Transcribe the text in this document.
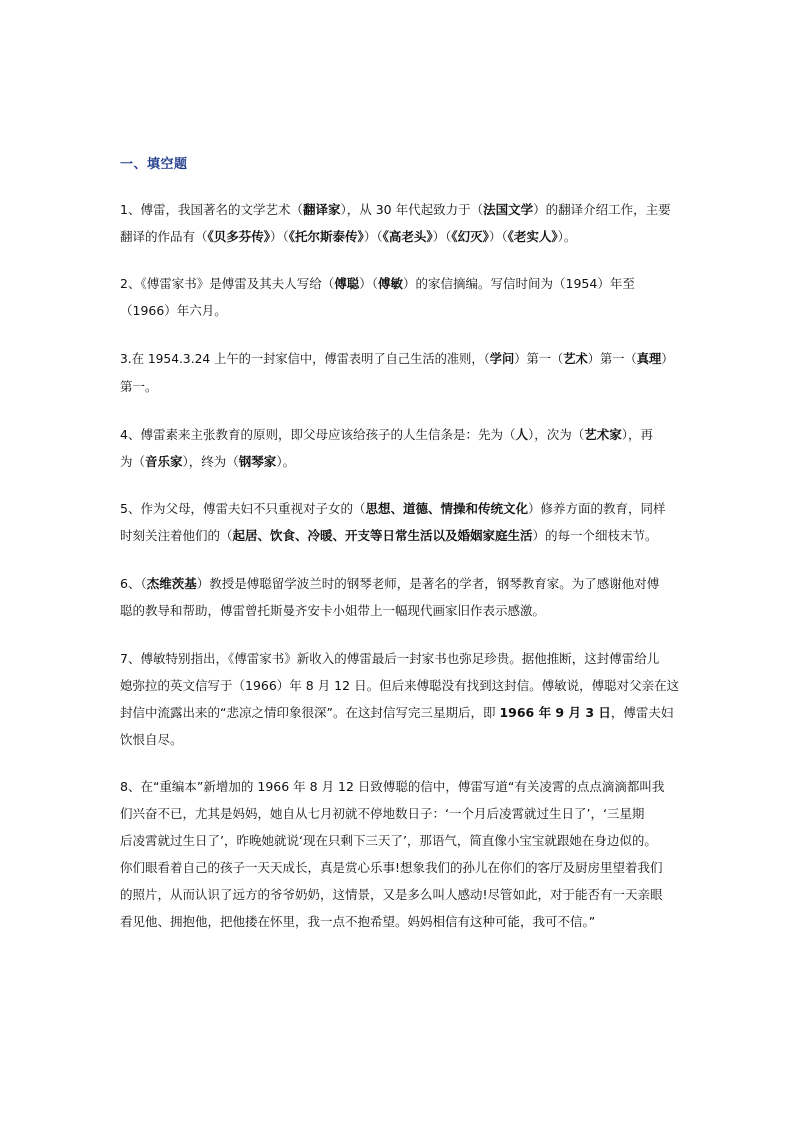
一、填空题
1、傅雷，我国著名的文学艺术（翻译家），从 30 年代起致力于（法国文学）的翻译介绍工作，主要
翻译的作品有（《贝多芬传》）（《托尔斯泰传》）（《高老头》）（《幻灭》）（《老实人》）。
2、《傅雷家书》是傅雷及其夫人写给（傅聪）（傅敏）的家信摘编。写信时间为（1954）年至
（1966）年六月。
3.在 1954.3.24 上午的一封家信中，傅雷表明了自己生活的准则，（学问）第一（艺术）第一（真理）
第一。
4、傅雷素来主张教育的原则，即父母应该给孩子的人生信条是：先为（人），次为（艺术家），再
为（音乐家），终为（钢琴家）。
5、作为父母，傅雷夫妇不只重视对子女的（思想、道德、情操和传统文化）修养方面的教育，同样
时刻关注着他们的（起居、饮食、冷暖、开支等日常生活以及婚姻家庭生活）的每一个细枝末节。
6、（杰维茨基）教授是傅聪留学波兰时的钢琴老师，是著名的学者，钢琴教育家。为了感谢他对傅
聪的教导和帮助，傅雷曾托斯曼齐安卡小姐带上一幅现代画家旧作表示感激。
7、傅敏特别指出，《傅雷家书》新收入的傅雷最后一封家书也弥足珍贵。据他推断，这封傅雷给儿
媳弥拉的英文信写于（1966）年 8 月 12 日。但后来傅聪没有找到这封信。傅敏说，傅聪对父亲在这
封信中流露出来的“悲凉之情印象很深”。在这封信写完三星期后，即 1966 年 9 月 3 日，傅雷夫妇
饮恨自尽。
8、在“重编本”新增加的 1966 年 8 月 12 日致傅聪的信中，傅雷写道“有关凌霄的点点滴滴都叫我
们兴奋不已，尤其是妈妈，她自从七月初就不停地数日子：‘一个月后凌霄就过生日了’，‘三星期
后凌霄就过生日了’，昨晚她就说‘现在只剩下三天了’，那语气，简直像小宝宝就跟她在身边似的。
你们眼看着自己的孩子一天天成长，真是赏心乐事!想象我们的孙儿在你们的客厅及厨房里望着我们
的照片，从而认识了远方的爷爷奶奶，这情景，又是多么叫人感动!尽管如此，对于能否有一天亲眼
看见他、拥抱他，把他搂在怀里，我一点不抱希望。妈妈相信有这种可能，我可不信。”
